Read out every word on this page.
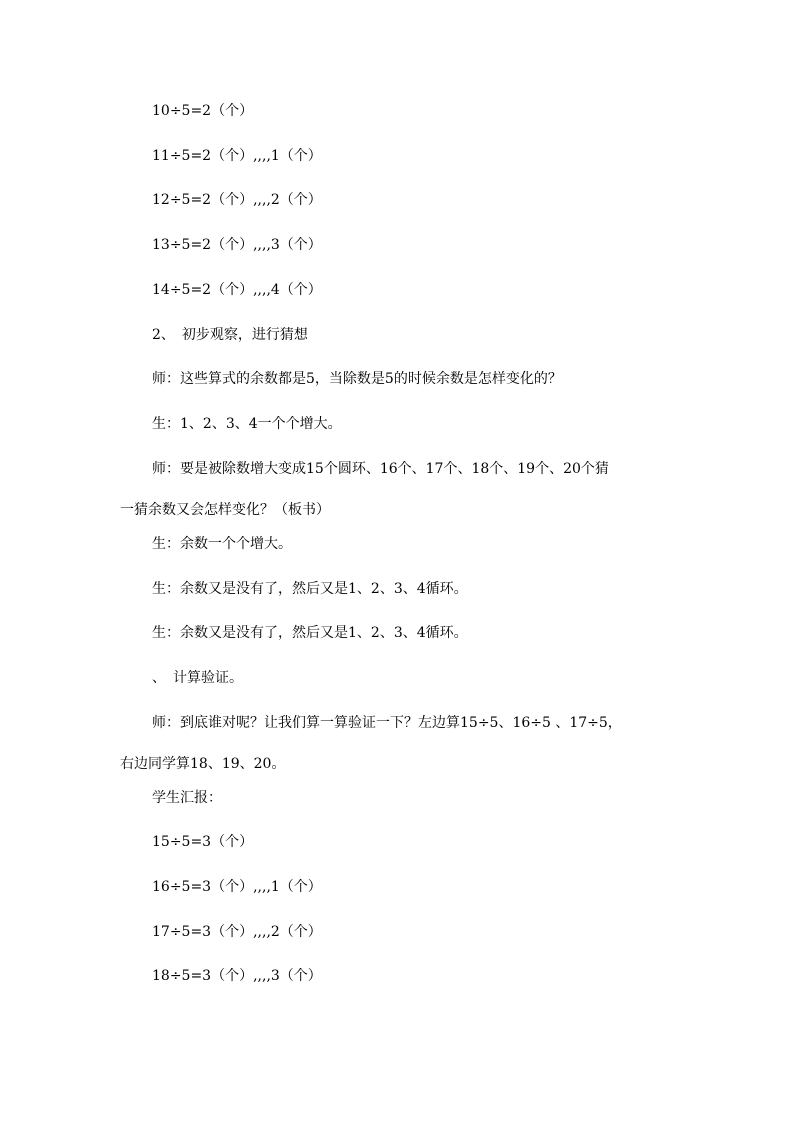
10÷5=2（个）
11÷5=2（个）,,,,1（个）
12÷5=2（个）,,,,2（个）
13÷5=2（个）,,,,3（个）
14÷5=2（个）,,,,4（个）
2、　初步观察，进行猜想
师：这些算式的余数都是5，当除数是5的时候余数是怎样变化的？
生：1、2、3、4一个个增大。
师：要是被除数增大变成15个圆环、16个、17个、18个、19个、20个猜
一猜余数又会怎样变化？（板书）
生：余数一个个增大。
生：余数又是没有了，然后又是1、2、3、4循环。
生：余数又是没有了，然后又是1、2、3、4循环。
、　计算验证。
师：到底谁对呢？让我们算一算验证一下？左边算15÷5、16÷5 、17÷5，
右边同学算18、19、20。
学生汇报：
15÷5=3（个）
16÷5=3（个）,,,,1（个）
17÷5=3（个）,,,,2（个）
18÷5=3（个）,,,,3（个）
